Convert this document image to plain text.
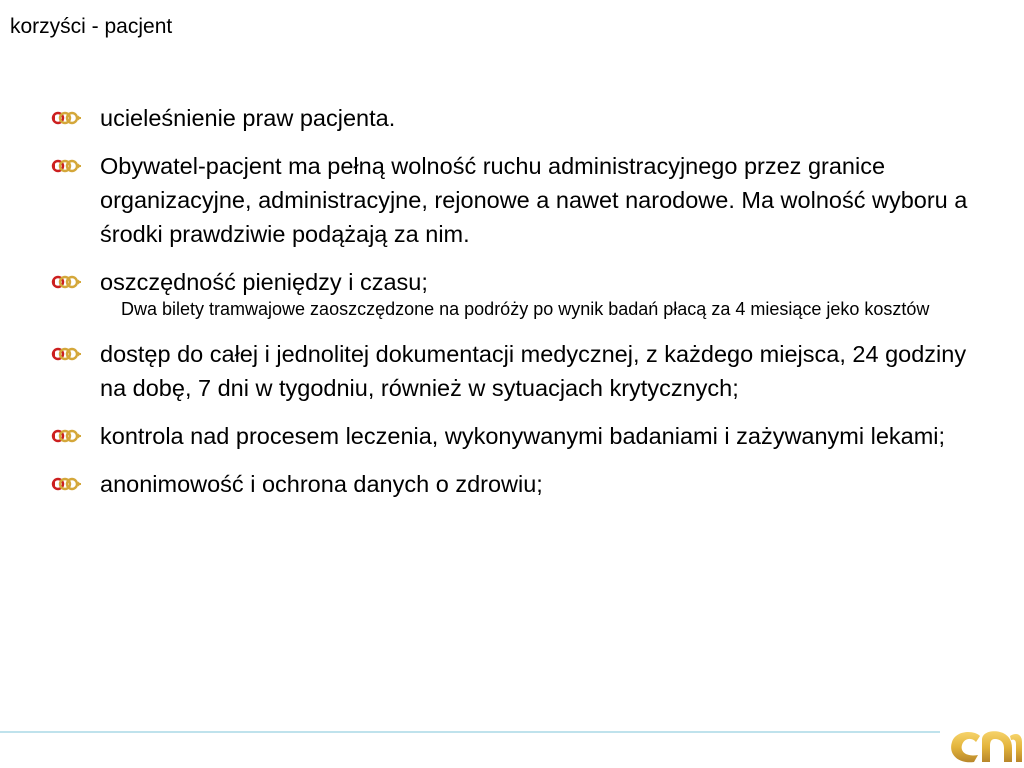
korzyści - pacjent
ucieleśnienie praw pacjenta.
Obywatel-pacjent ma pełną wolność ruchu administracyjnego przez granice organizacyjne, administracyjne, rejonowe a nawet narodowe. Ma wolność wyboru a środki prawdziwie podążają za nim.
oszczędność pieniędzy i czasu;
Dwa bilety tramwajowe zaoszczędzone na podróży po wynik badań płacą za 4 miesiące jeko kosztów
dostęp do całej i jednolitej dokumentacji medycznej, z każdego miejsca, 24 godziny na dobę, 7 dni w tygodniu, również w sytuacjach krytycznych;
kontrola nad procesem leczenia, wykonywanymi badaniami i zażywanymi lekami;
anonimowość i ochrona danych o zdrowiu;
